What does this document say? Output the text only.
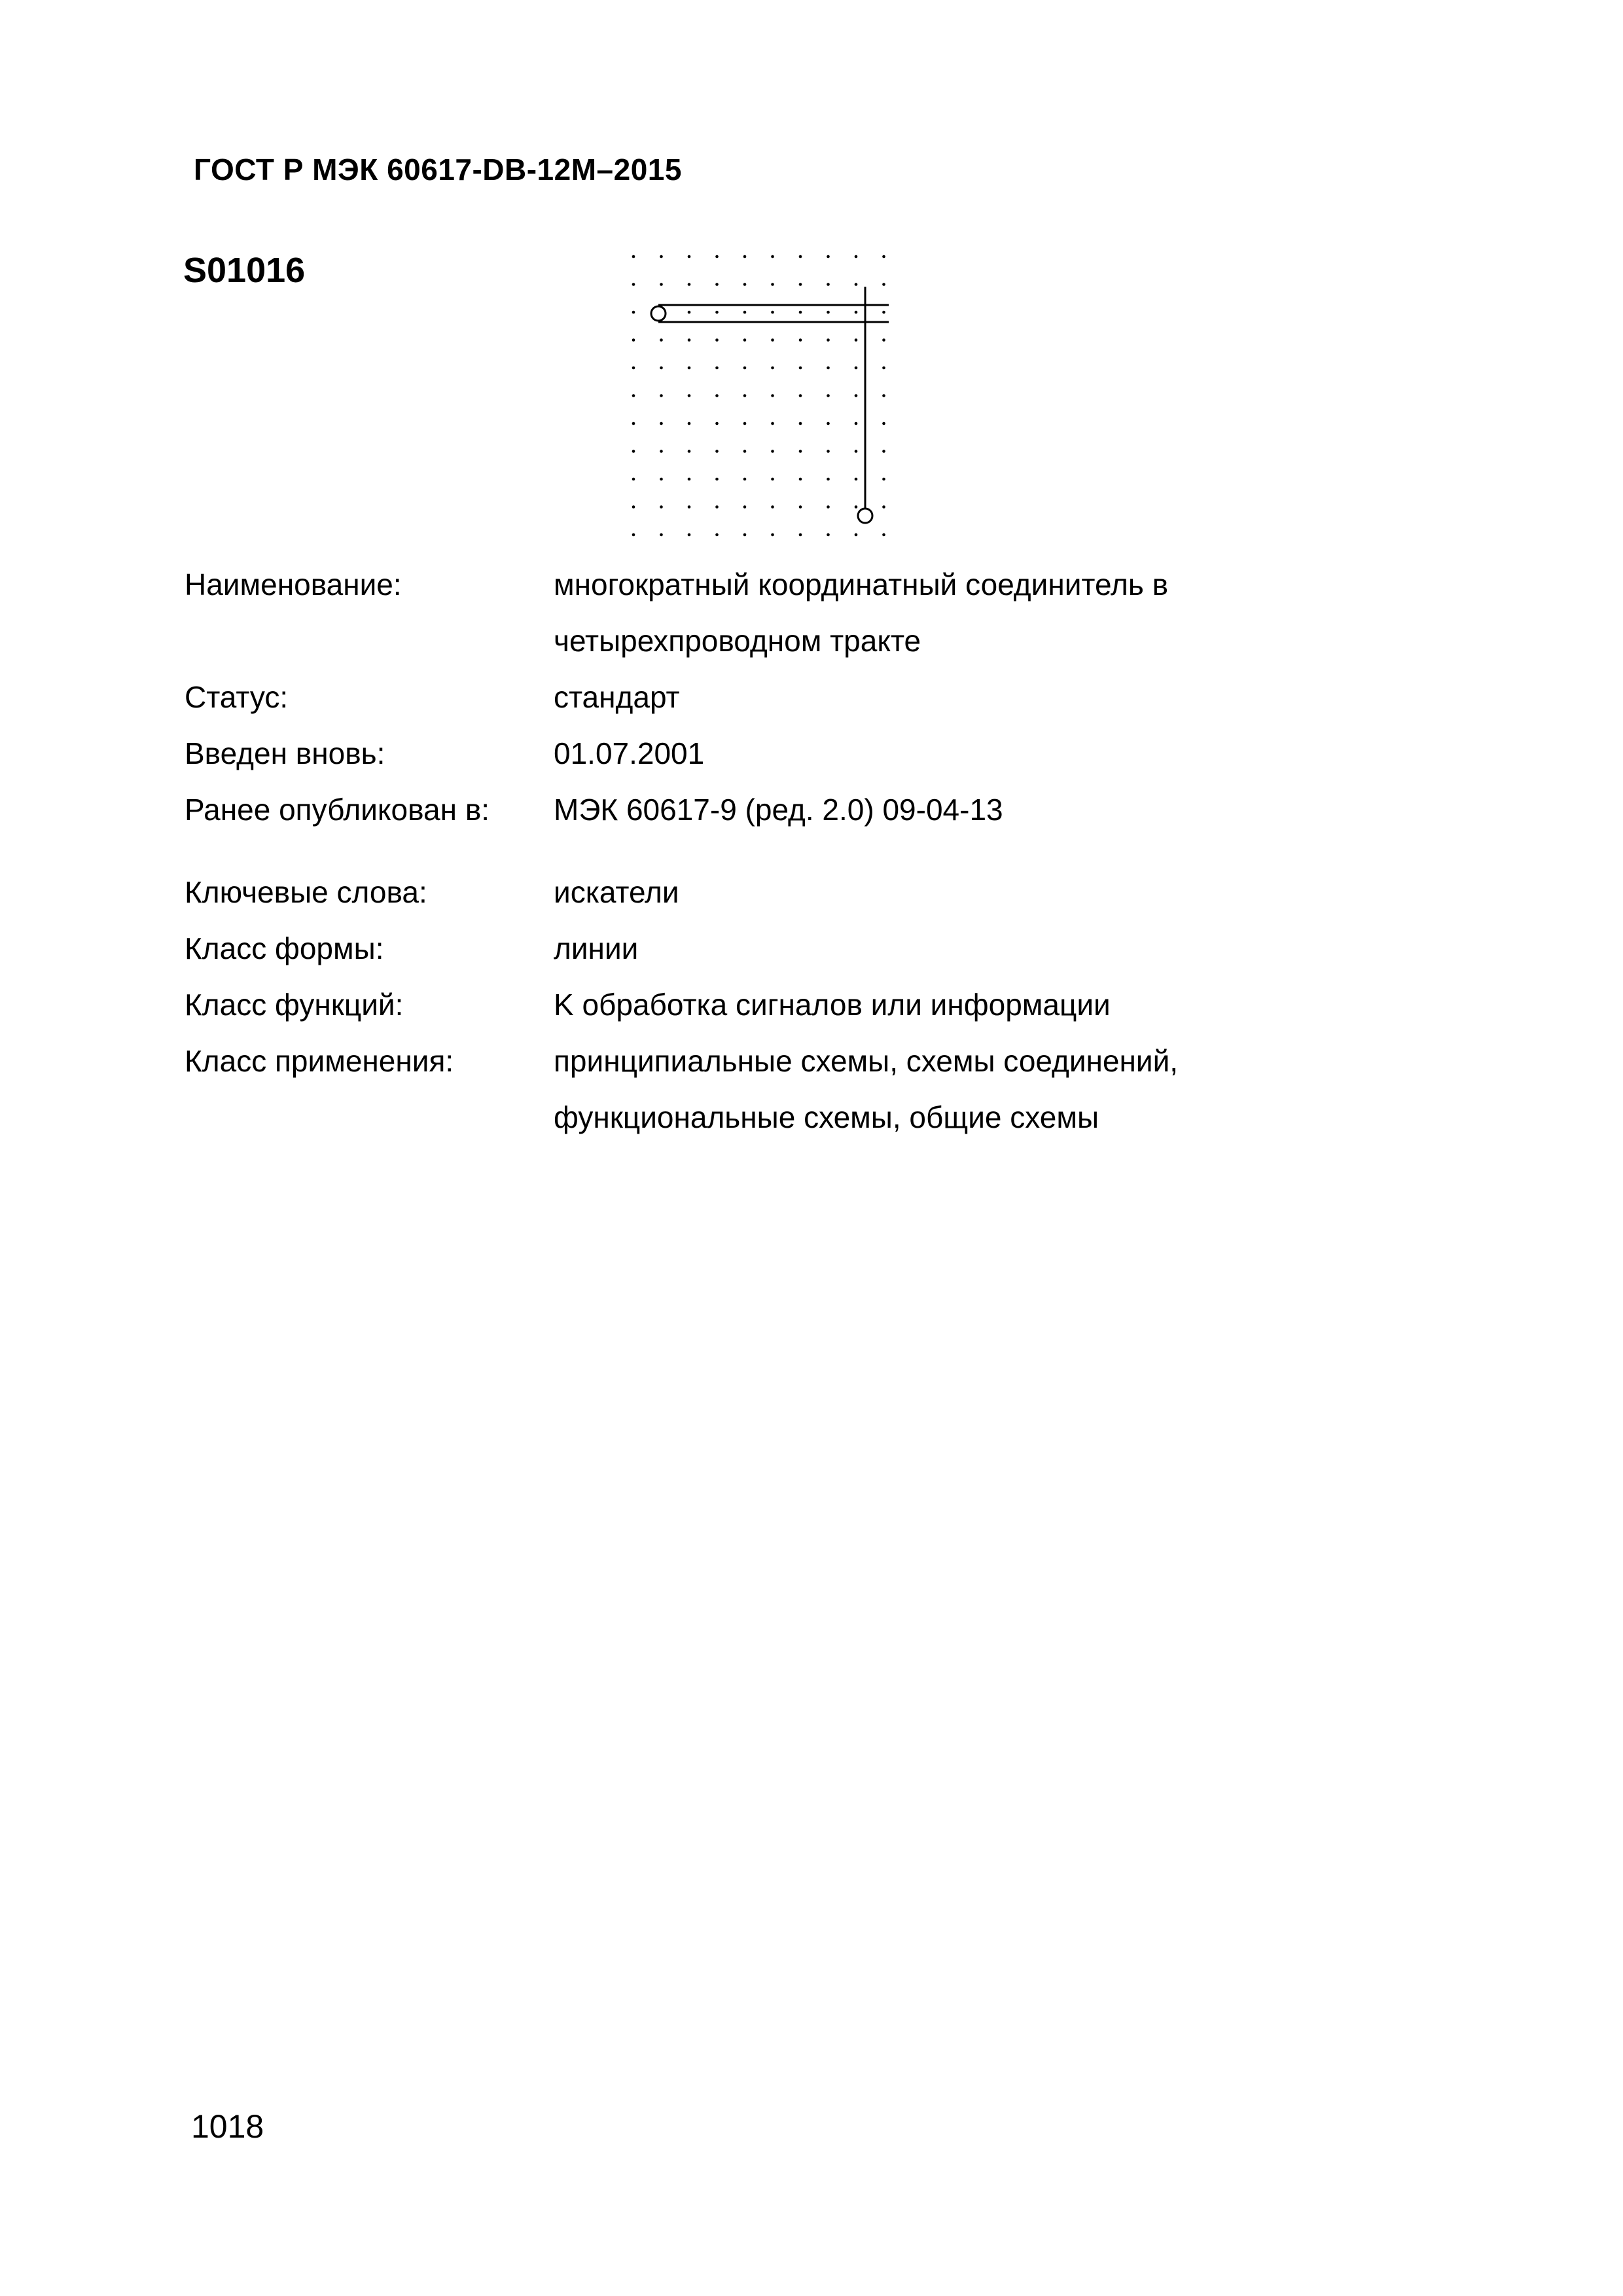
ГОСТ Р МЭК 60617-DB-12M–2015
S01016
Наименование:	многократный координатный соединитель в
четырехпроводном тракте
Статус:	стандарт
Введен вновь:	01.07.2001
Ранее опубликован в:	МЭК 60617-9 (ред. 2.0) 09-04-13
Ключевые слова:	искатели
Класс формы:	линии
Класс функций:	K обработка сигналов или информации
Класс применения:	принципиальные схемы, схемы соединений,
функциональные схемы, общие схемы
1018
